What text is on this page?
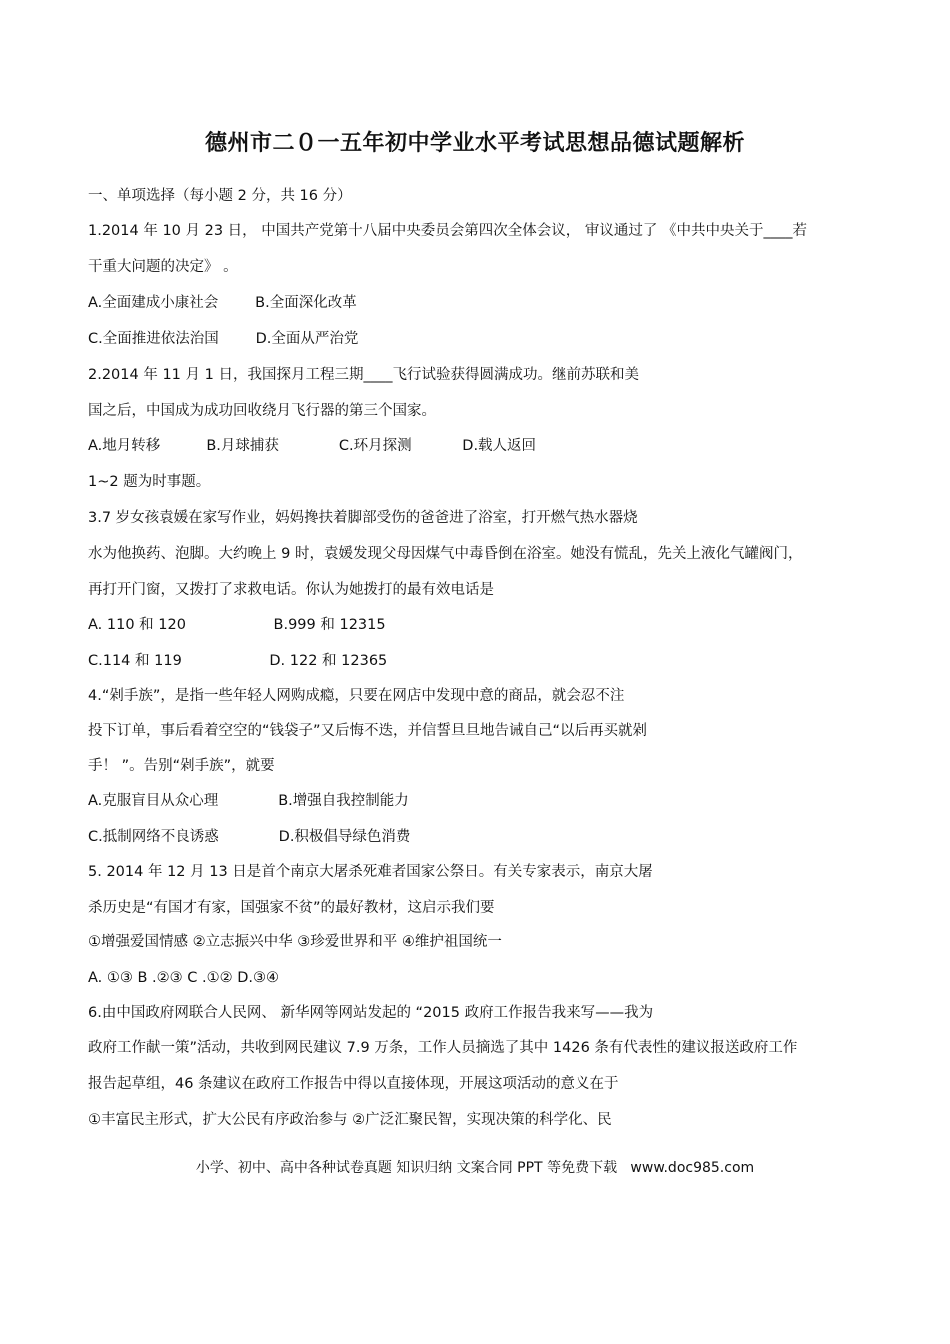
德州市二０一五年初中学业水平考试思想品德试题解析
一、单项选择（每小题 2 分，共 16 分）
1.2014 年 10 月 23 日， 中国共产党第十八届中央委员会第四次全体会议， 审议通过了 《中共中央关于____若
干重大问题的决定》 。
A.全面建成小康社会        B.全面深化改革
C.全面推进依法治国        D.全面从严治党
2.2014 年 11 月 1 日，我国探月工程三期____飞行试验获得圆满成功。继前苏联和美
国之后，中国成为成功回收绕月飞行器的第三个国家。
A.地月转移          B.月球捕获             C.环月探测           D.载人返回
1~2 题为时事题。
3.7 岁女孩袁媛在家写作业，妈妈搀扶着脚部受伤的爸爸进了浴室，打开燃气热水器烧
水为他换药、泡脚。大约晚上 9 时，袁媛发现父母因煤气中毒昏倒在浴室。她没有慌乱，先关上液化气罐阀门，
再打开门窗，又拨打了求救电话。你认为她拨打的最有效电话是
A. 110 和 120                   B.999 和 12315
C.114 和 119                   D. 122 和 12365
4.“剁手族”，是指一些年轻人网购成瘾，只要在网店中发现中意的商品，就会忍不注
投下订单，事后看着空空的“钱袋子”又后悔不迭，并信誓旦旦地告诫自己“以后再买就剁
手！ ”。告别“剁手族”，就要
A.克服盲目从众心理             B.增强自我控制能力
C.抵制网络不良诱惑             D.积极倡导绿色消费
5. 2014 年 12 月 13 日是首个南京大屠杀死难者国家公祭日。有关专家表示，南京大屠
杀历史是“有国才有家，国强家不贫”的最好教材，这启示我们要
①增强爱国情感 ②立志振兴中华 ③珍爱世界和平 ④维护祖国统一
A. ①③ B .②③ C .①② D.③④
6.由中国政府网联合人民网、 新华网等网站发起的 “2015 政府工作报告我来写——我为
政府工作献一策”活动，共收到网民建议 7.9 万条，工作人员摘选了其中 1426 条有代表性的建议报送政府工作
报告起草组，46 条建议在政府工作报告中得以直接体现，开展这项活动的意义在于
①丰富民主形式，扩大公民有序政治参与 ②广泛汇聚民智，实现决策的科学化、民
小学、初中、高中各种试卷真题 知识归纳 文案合同 PPT 等免费下载   www.doc985.com
